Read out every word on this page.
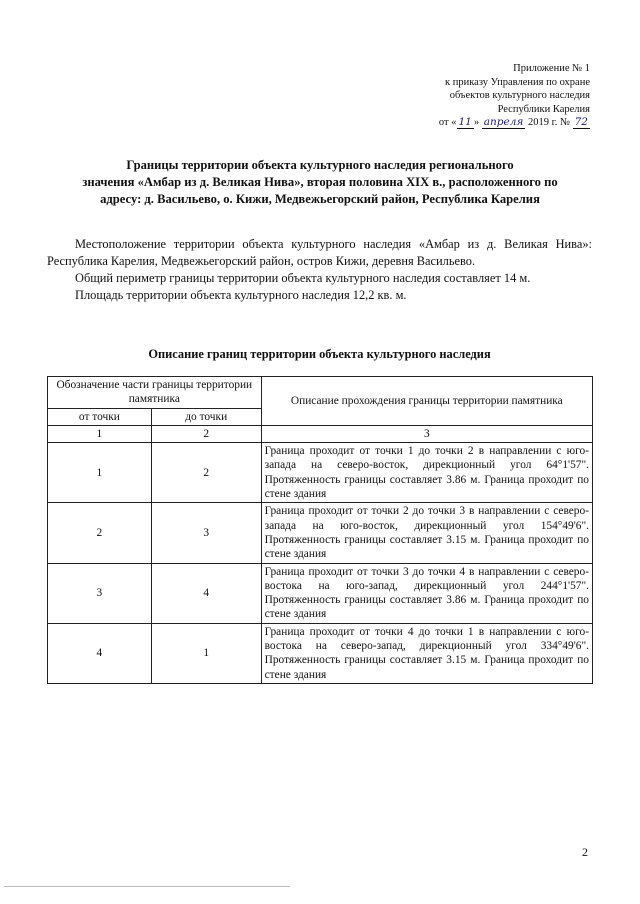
Приложение № 1
к приказу Управления по охране
объектов культурного наследия
Республики Карелия
от « 11 » апреля 2019 г. № 72
Границы территории объекта культурного наследия регионального
значения «Амбар из д. Великая Нива», вторая половина XIX в., расположенного по
адресу: д. Васильево, о. Кижи, Медвежьегорский район, Республика Карелия

Местоположение территории объекта культурного наследия «Амбар из д. Великая Нива»: Республика Карелия, Медвежьегорский район, остров Кижи, деревня Васильево.

Общий периметр границы территории объекта культурного наследия составляет 14 м.

Площадь территории объекта культурного наследия 12,2 кв. м.

Описание границ территории объекта культурного наследия
Обозначение части границы территории памятника		Описание прохождения границы территории памятника
от точки	до точки	
1	2	3
1	2	Граница проходит от точки 1 до точки 2 в направлении с юго-запада на северо-восток, дирекционный угол 64°1'57". Протяженность границы составляет 3.86 м. Граница проходит по стене здания
2	3	Граница проходит от точки 2 до точки 3 в направлении с северо-запада на юго-восток, дирекционный угол 154°49'6". Протяженность границы составляет 3.15 м. Граница проходит по стене здания
3	4	Граница проходит от точки 3 до точки 4 в направлении с северо-востока на юго-запад, дирекционный угол 244°1'57". Протяженность границы составляет 3.86 м. Граница проходит по стене здания
4	1	Граница проходит от точки 4 до точки 1 в направлении с юго-востока на северо-запад, дирекционный угол 334°49'6". Протяженность границы составляет 3.15 м. Граница проходит по стене здания
2
